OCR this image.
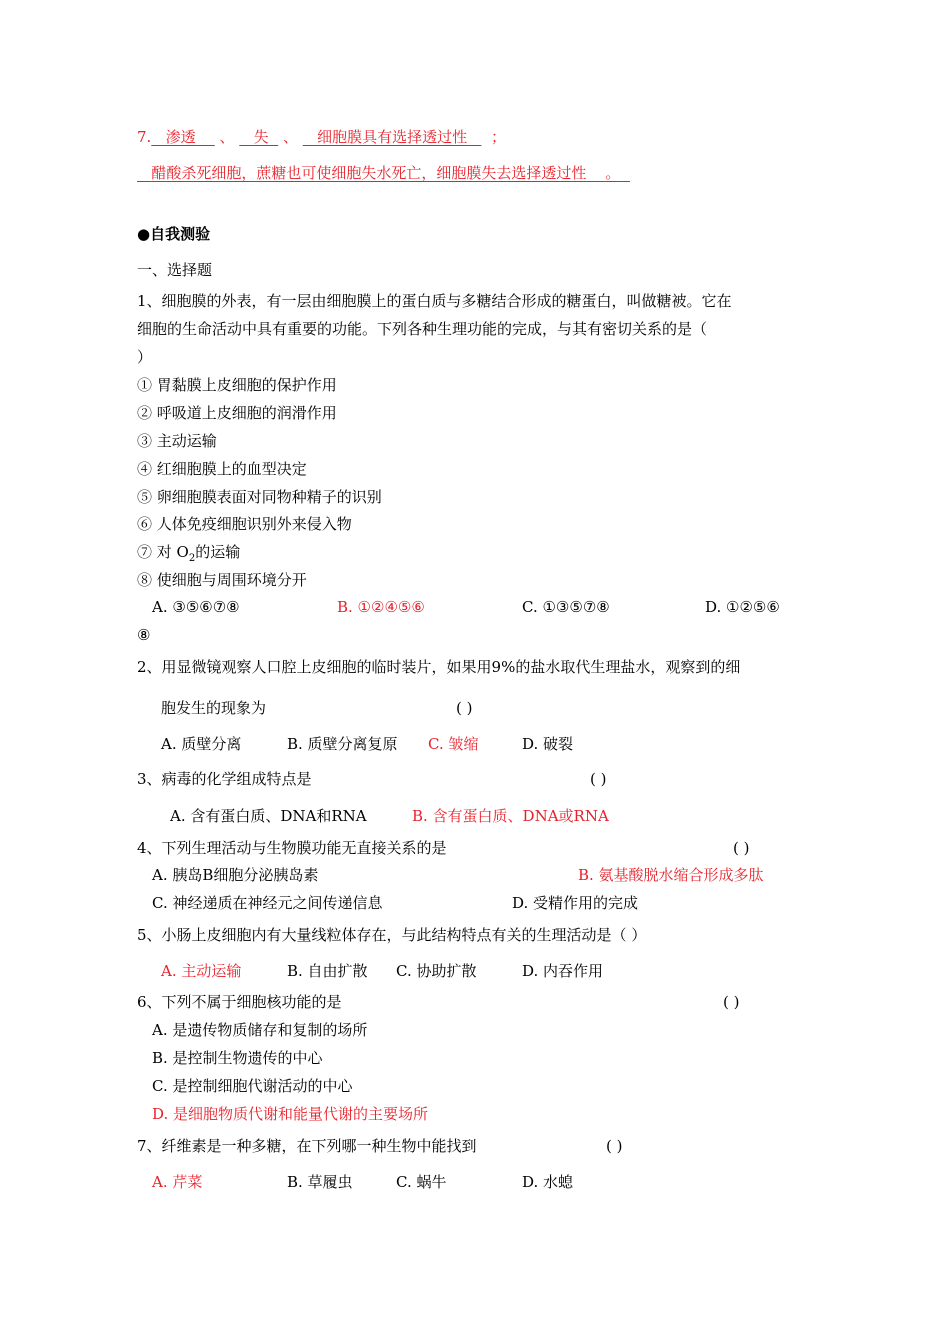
7. 渗透 、 失 、 细胞膜具有选择透过性 ；
醋酸杀死细胞，蔗糖也可使细胞失水死亡，细胞膜失去选择透过性 。
●自我测验
一、选择题
1、细胞膜的外表，有一层由细胞膜上的蛋白质与多糖结合形成的糖蛋白，叫做糖被。它在
细胞的生命活动中具有重要的功能。下列各种生理功能的完成，与其有密切关系的是（
）
① 胃黏膜上皮细胞的保护作用
② 呼吸道上皮细胞的润滑作用
③ 主动运输
④ 红细胞膜上的血型决定
⑤ 卵细胞膜表面对同物种精子的识别
⑥ 人体免疫细胞识别外来侵入物
⑦ 对 $O_2$的运输
⑧ 使细胞与周围环境分开
A. ③⑤⑥⑦⑧	B. ①②④⑤⑥	C. ①③⑤⑦⑧	D. ①②⑤⑥
⑧
2、用显微镜观察人口腔上皮细胞的临时装片，如果用9%的盐水取代生理盐水，观察到的细
胞发生的现象为	( )
A. 质壁分离	B. 质壁分离复原 C. 皱缩	D. 破裂
3、病毒的化学组成特点是	( )
A. 含有蛋白质、DNA和RNA	B. 含有蛋白质、DNA或RNA
4、下列生理活动与生物膜功能无直接关系的是	( )
A. 胰岛B细胞分泌胰岛素	B. 氨基酸脱水缩合形成多肽
C. 神经递质在神经元之间传递信息	D. 受精作用的完成
5、小肠上皮细胞内有大量线粒体存在，与此结构特点有关的生理活动是（ ）
A. 主动运输	B. 自由扩散 C. 协助扩散	D. 内吞作用
6、下列不属于细胞核功能的是	( )
A. 是遗传物质储存和复制的场所
B. 是控制生物遗传的中心
C. 是控制细胞代谢活动的中心
D. 是细胞物质代谢和能量代谢的主要场所
7、纤维素是一种多糖，在下列哪一种生物中能找到	( )
A. 芹菜	B. 草履虫	C. 蜗牛	D. 水螅
